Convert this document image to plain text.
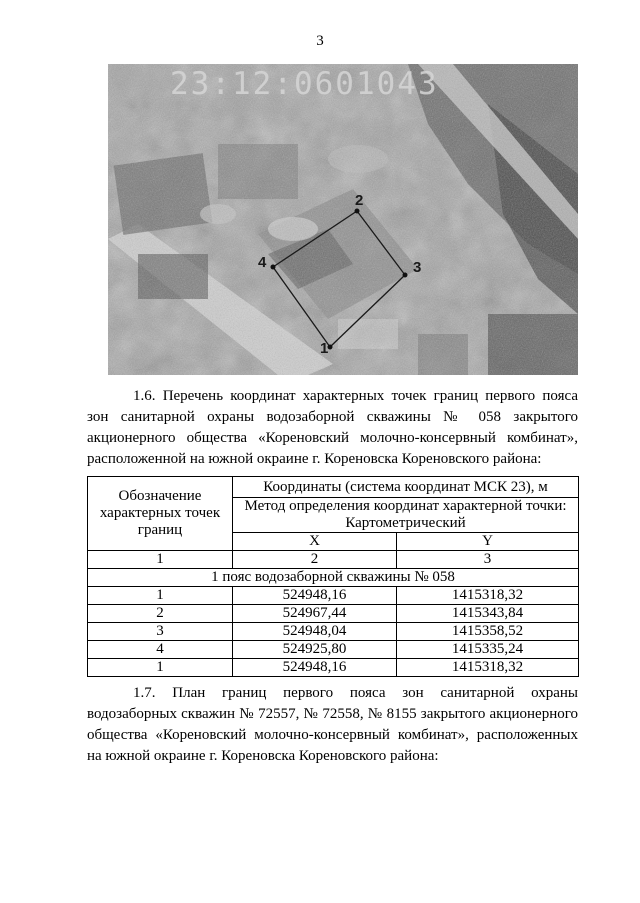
3
23:12:0601043
1
2
3
4
1.6. Перечень координат характерных точек границ первого пояса зон санитарной охраны водозаборной скважины № 058 закрытого акционерного общества «Кореновский молочно-консервный комбинат», расположенной на южной окраине г. Кореновска Кореновского района:
Обозначение характерных точек границ	Координаты (система координат МСК 23), м	
	Метод определения координат характерной точки: Картометрический	
	X	Y
1	2	3
1 пояс водозаборной скважины № 058		
1	524948,16	1415318,32
2	524967,44	1415343,84
3	524948,04	1415358,52
4	524925,80	1415335,24
1	524948,16	1415318,32
1.7. План границ первого пояса зон санитарной охраны водозаборных скважин № 72557, № 72558, № 8155 закрытого акционерного общества «Кореновский молочно-консервный комбинат», расположенных на южной окраине г. Кореновска Кореновского района:
